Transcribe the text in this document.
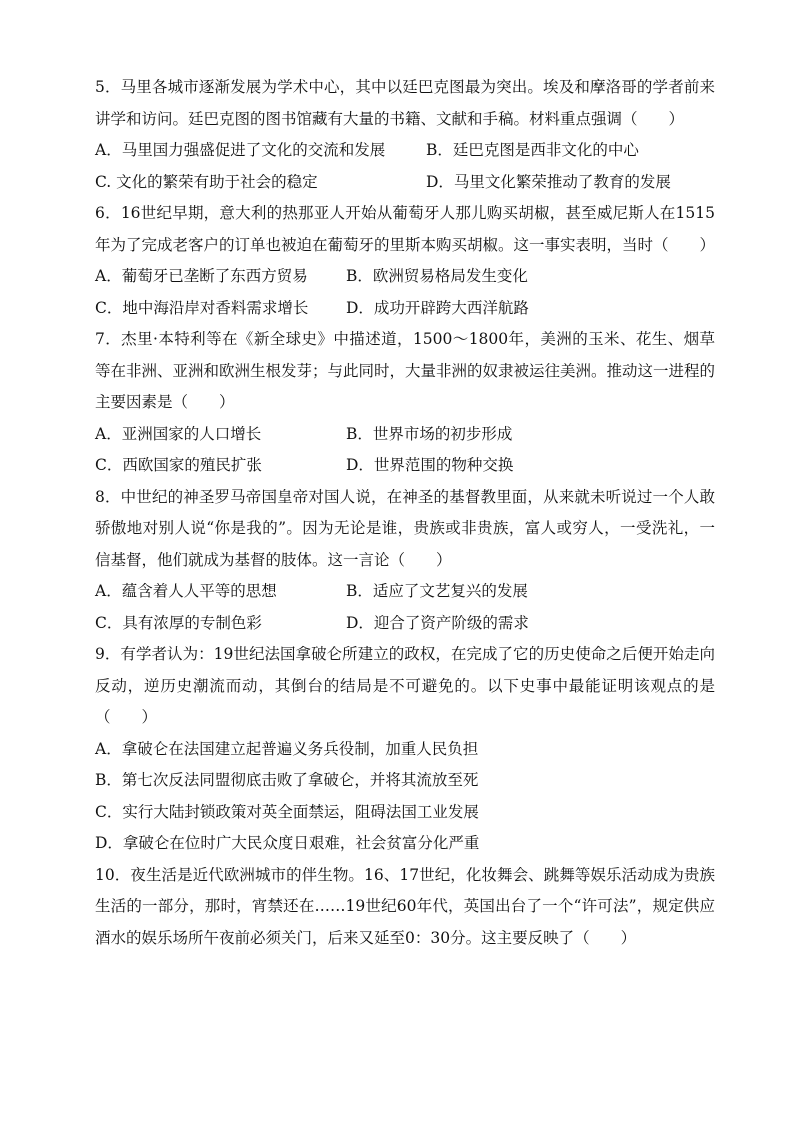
5．马里各城市逐渐发展为学术中心，其中以廷巴克图最为突出。埃及和摩洛哥的学者前来讲学和访问。廷巴克图的图书馆藏有大量的书籍、文献和手稿。材料重点强调（　　）
A．马里国力强盛促进了文化的交流和发展	B．廷巴克图是西非文化的中心
C. 文化的繁荣有助于社会的稳定	D．马里文化繁荣推动了教育的发展
6．16世纪早期，意大利的热那亚人开始从葡萄牙人那儿购买胡椒，甚至威尼斯人在1515年为了完成老客户的订单也被迫在葡萄牙的里斯本购买胡椒。这一事实表明，当时（　　）
A．葡萄牙已垄断了东西方贸易	B．欧洲贸易格局发生变化
C．地中海沿岸对香料需求增长	D．成功开辟跨大西洋航路
7．杰里·本特利等在《新全球史》中描述道，1500～1800年，美洲的玉米、花生、烟草等在非洲、亚洲和欧洲生根发芽；与此同时，大量非洲的奴隶被运往美洲。推动这一进程的主要因素是（　　）
A．亚洲国家的人口增长	B．世界市场的初步形成
C．西欧国家的殖民扩张	D．世界范围的物种交换
8．中世纪的神圣罗马帝国皇帝对国人说，在神圣的基督教里面，从来就未听说过一个人敢骄傲地对别人说“你是我的”。因为无论是谁，贵族或非贵族，富人或穷人，一受洗礼，一信基督，他们就成为基督的肢体。这一言论（　　）
A．蕴含着人人平等的思想	B．适应了文艺复兴的发展
C．具有浓厚的专制色彩	D．迎合了资产阶级的需求
9．有学者认为：19世纪法国拿破仑所建立的政权，在完成了它的历史使命之后便开始走向反动，逆历史潮流而动，其倒台的结局是不可避免的。以下史事中最能证明该观点的是（　　）
A．拿破仑在法国建立起普遍义务兵役制，加重人民负担
B．第七次反法同盟彻底击败了拿破仑，并将其流放至死
C．实行大陆封锁政策对英全面禁运，阻碍法国工业发展
D．拿破仑在位时广大民众度日艰难，社会贫富分化严重
10．夜生活是近代欧洲城市的伴生物。16、17世纪，化妆舞会、跳舞等娱乐活动成为贵族生活的一部分，那时，宵禁还在……19世纪60年代，英国出台了一个“许可法”，规定供应酒水的娱乐场所午夜前必须关门，后来又延至0：30分。这主要反映了（　　）
